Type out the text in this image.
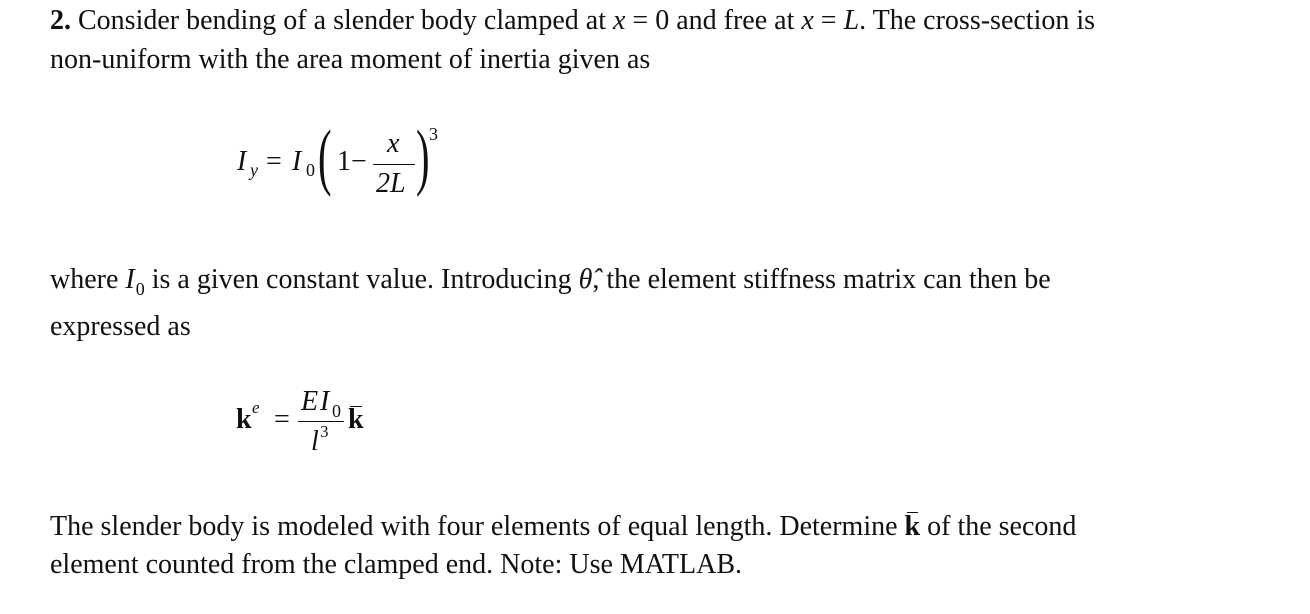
2. Consider bending of a slender body clamped at x = 0 and free at x = L. The cross-section is
non-uniform with the area moment of inertia given as
I y = I 0 ( 1−
x
2L ) 3
where $I_0$ is a given constant value. Introducing θ̂, the element stiffness matrix can then be
expressed as
k e =
E I 0
l 3 k
The slender body is modeled with four elements of equal length. Determine k of the second
element counted from the clamped end. Note: Use MATLAB.
